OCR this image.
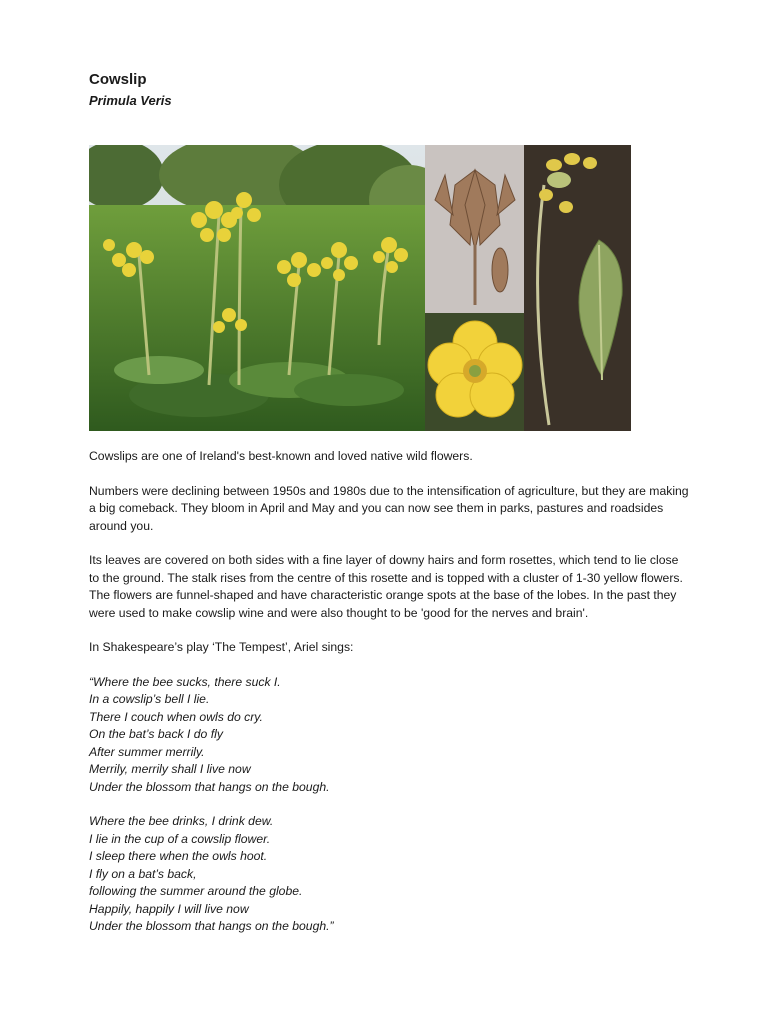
Cowslip
Primula Veris

Cowslips are one of Ireland's best-known and loved native wild flowers.

Numbers were declining between 1950s and 1980s due to the intensification of agriculture, but they are making a big comeback. They bloom in April and May and you can now see them in parks, pastures and roadsides around you.

Its leaves are covered on both sides with a fine layer of downy hairs and form rosettes, which tend to lie close to the ground. The stalk rises from the centre of this rosette and is topped with a cluster of 1-30 yellow flowers. The flowers are funnel-shaped and have characteristic orange spots at the base of the lobes. In the past they were used to make cowslip wine and were also thought to be 'good for the nerves and brain'.

In Shakespeare’s play ‘The Tempest’, Ariel sings:

“Where the bee sucks, there suck I.
In a cowslip’s bell I lie.
There I couch when owls do cry.
On the bat’s back I do fly
After summer merrily.
Merrily, merrily shall I live now
Under the blossom that hangs on the bough.
Where the bee drinks, I drink dew.
I lie in the cup of a cowslip flower.
I sleep there when the owls hoot.
I fly on a bat’s back,
following the summer around the globe.
Happily, happily I will live now
Under the blossom that hangs on the bough.”
